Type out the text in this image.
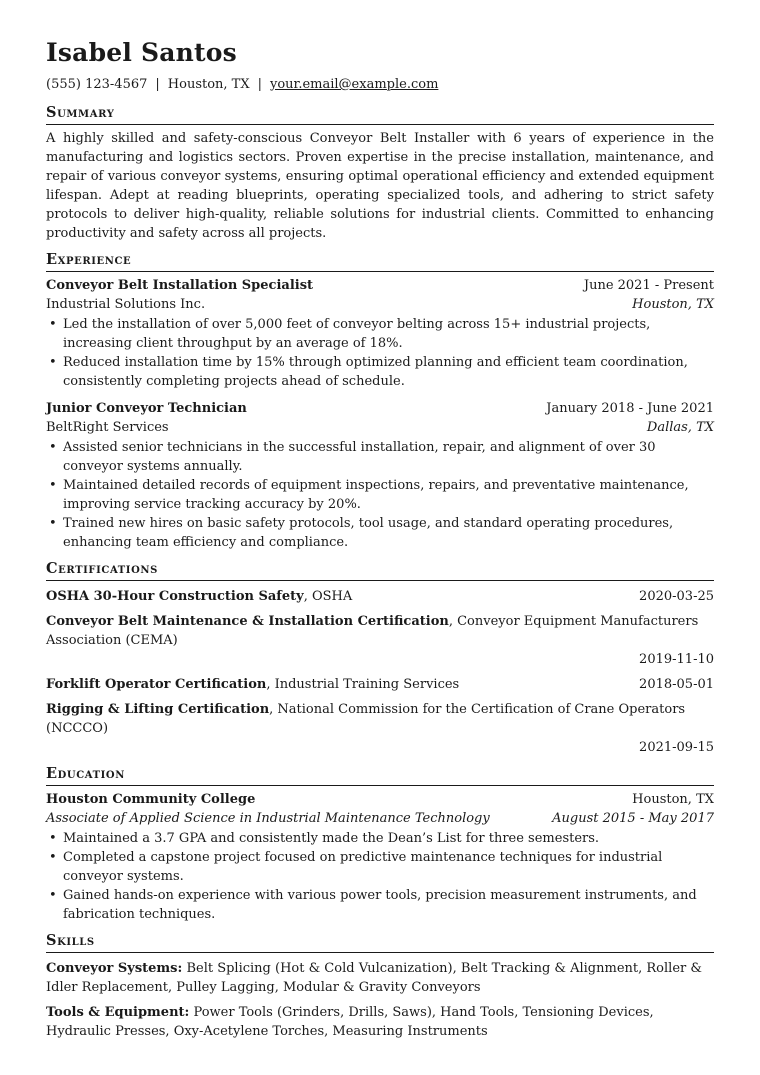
Isabel Santos
(555) 123-4567 | Houston, TX | your.email@example.com
Summary
A highly skilled and safety-conscious Conveyor Belt Installer with 6 years of experience in the manufacturing and logistics sectors. Proven expertise in the precise installation, maintenance, and repair of various conveyor systems, ensuring optimal operational efficiency and extended equipment lifespan. Adept at reading blueprints, operating specialized tools, and adhering to strict safety protocols to deliver high-quality, reliable solutions for industrial clients. Committed to enhancing productivity and safety across all projects.
Experience
Conveyor Belt Installation Specialist	June 2021 - Present
Industrial Solutions Inc.	Houston, TX
• Led the installation of over 5,000 feet of conveyor belting across 15+ industrial projects, increasing client throughput by an average of 18%.
• Reduced installation time by 15% through optimized planning and efficient team coordination, consistently completing projects ahead of schedule.
Junior Conveyor Technician	January 2018 - June 2021
BeltRight Services	Dallas, TX
• Assisted senior technicians in the successful installation, repair, and alignment of over 30 conveyor systems annually.
• Maintained detailed records of equipment inspections, repairs, and preventative maintenance, improving service tracking accuracy by 20%.
• Trained new hires on basic safety protocols, tool usage, and standard operating procedures, enhancing team efficiency and compliance.
Certifications
OSHA 30-Hour Construction Safety, OSHA	2020-03-25
Conveyor Belt Maintenance & Installation Certification, Conveyor Equipment Manufacturers Association (CEMA)
2019-11-10
Forklift Operator Certification, Industrial Training Services	2018-05-01
Rigging & Lifting Certification, National Commission for the Certification of Crane Operators (NCCCO)
2021-09-15
Education
Houston Community College	Houston, TX
Associate of Applied Science in Industrial Maintenance Technology	August 2015 - May 2017
• Maintained a 3.7 GPA and consistently made the Dean’s List for three semesters.
• Completed a capstone project focused on predictive maintenance techniques for industrial conveyor systems.
• Gained hands-on experience with various power tools, precision measurement instruments, and fabrication techniques.
Skills
Conveyor Systems: Belt Splicing (Hot & Cold Vulcanization), Belt Tracking & Alignment, Roller & Idler Replacement, Pulley Lagging, Modular & Gravity Conveyors
Tools & Equipment: Power Tools (Grinders, Drills, Saws), Hand Tools, Tensioning Devices, Hydraulic Presses, Oxy-Acetylene Torches, Measuring Instruments
